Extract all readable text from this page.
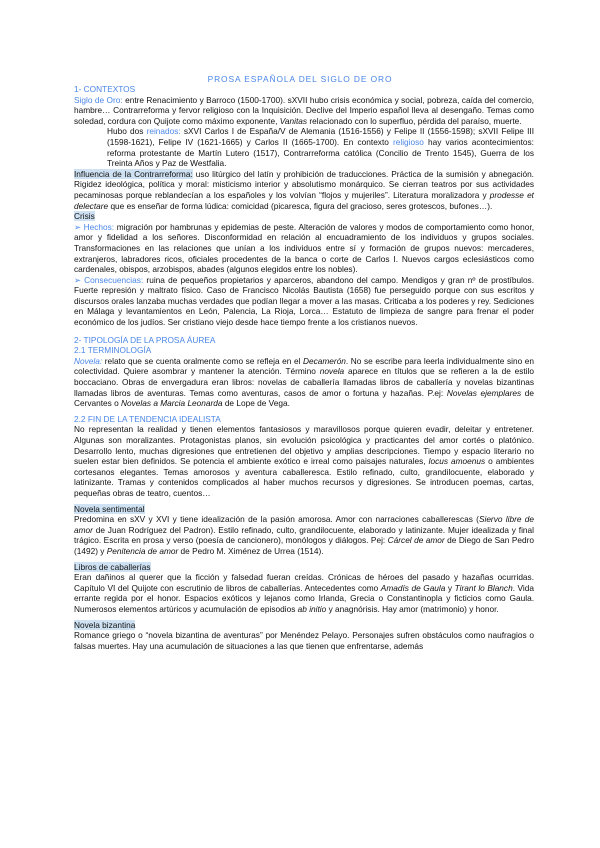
PROSA ESPAÑOLA DEL SIGLO DE ORO

1- CONTEXTOS

Siglo de Oro: entre Renacimiento y Barroco (1500-1700). sXVII hubo crisis económica y social, pobreza, caída del comercio, hambre… Contrarreforma y fervor religioso con la Inquisición. Declive del Imperio español lleva al desengaño. Temas como soledad, cordura con Quijote como máximo exponente, Vanitas relacionado con lo superfluo, pérdida del paraíso, muerte.

Hubo dos reinados: sXVI Carlos I de España/V de Alemania (1516-1556) y Felipe II (1556-1598); sXVII Felipe III (1598-1621), Felipe IV (1621-1665) y Carlos II (1665-1700). En contexto religioso hay varios acontecimientos: reforma protestante de Martín Lutero (1517), Contrarreforma católica (Concilio de Trento 1545), Guerra de los Treinta Años y Paz de Westfalia.

Influencia de la Contrarreforma: uso litúrgico del latín y prohibición de traducciones. Práctica de la sumisión y abnegación. Rigidez ideológica, política y moral: misticismo interior y absolutismo monárquico. Se cierran teatros por sus actividades pecaminosas porque reblandecían a los españoles y los volvían “flojos y mujeriles”. Literatura moralizadora y prodesse et delectare que es enseñar de forma lúdica: comicidad (picaresca, figura del gracioso, seres grotescos, bufones…).

Crisis

➢ Hechos: migración por hambrunas y epidemias de peste. Alteración de valores y modos de comportamiento como honor, amor y fidelidad a los señores. Disconformidad en relación al encuadramiento de los individuos y grupos sociales. Transformaciones en las relaciones que unían a los individuos entre sí y formación de grupos nuevos: mercaderes, extranjeros, labradores ricos, oficiales procedentes de la banca o corte de Carlos I. Nuevos cargos eclesiásticos como cardenales, obispos, arzobispos, abades (algunos elegidos entre los nobles).

➢ Consecuencias: ruina de pequeños propietarios y aparceros, abandono del campo. Mendigos y gran nº de prostíbulos. Fuerte represión y maltrato físico. Caso de Francisco Nicolás Bautista (1658) fue perseguido porque con sus escritos y discursos orales lanzaba muchas verdades que podían llegar a mover a las masas. Criticaba a los poderes y rey. Sediciones en Málaga y levantamientos en León, Palencia, La Rioja, Lorca… Estatuto de limpieza de sangre para frenar el poder económico de los judíos. Ser cristiano viejo desde hace tiempo frente a los cristianos nuevos.

2- TIPOLOGÍA DE LA PROSA ÁUREA

2.1 TERMINOLOGÍA

Novela: relato que se cuenta oralmente como se refleja en el Decamerón. No se escribe para leerla individualmente sino en colectividad. Quiere asombrar y mantener la atención. Término novela aparece en títulos que se refieren a la de estilo boccaciano. Obras de envergadura eran libros: novelas de caballería llamadas libros de caballería y novelas bizantinas llamadas libros de aventuras. Temas como aventuras, casos de amor o fortuna y hazañas. P.ej: Novelas ejemplares de Cervantes o Novelas a Marcia Leonarda de Lope de Vega.

2.2 FIN DE LA TENDENCIA IDEALISTA

No representan la realidad y tienen elementos fantasiosos y maravillosos porque quieren evadir, deleitar y entretener. Algunas son moralizantes. Protagonistas planos, sin evolución psicológica y practicantes del amor cortés o platónico. Desarrollo lento, muchas digresiones que entretienen del objetivo y amplias descripciones. Tiempo y espacio literario no suelen estar bien definidos. Se potencia el ambiente exótico e irreal como paisajes naturales, locus amoenus o ambientes cortesanos elegantes. Temas amorosos y aventura caballeresca. Estilo refinado, culto, grandilocuente, elaborado y latinizante. Tramas y contenidos complicados al haber muchos recursos y digresiones. Se introducen poemas, cartas, pequeñas obras de teatro, cuentos…

Novela sentimental

Predomina en sXV y XVI y tiene idealización de la pasión amorosa. Amor con narraciones caballerescas (Siervo libre de amor de Juan Rodríguez del Padron). Estilo refinado, culto, grandilocuente, elaborado y latinizante. Mujer idealizada y final trágico. Escrita en prosa y verso (poesía de cancionero), monólogos y diálogos. Pej: Cárcel de amor de Diego de San Pedro (1492) y Penitencia de amor de Pedro M. Ximénez de Urrea (1514).

Libros de caballerías

Eran dañinos al querer que la ficción y falsedad fueran creídas. Crónicas de héroes del pasado y hazañas ocurridas. Capítulo VI del Quijote con escrutinio de libros de caballerías. Antecedentes como Amadís de Gaula y Tirant lo Blanch. Vida errante regida por el honor. Espacios exóticos y lejanos como Irlanda, Grecia o Constantinopla y ficticios como Gaula. Numerosos elementos artúricos y acumulación de episodios ab initio y anagnórisis. Hay amor (matrimonio) y honor.

Novela bizantina

Romance griego o “novela bizantina de aventuras” por Menéndez Pelayo. Personajes sufren obstáculos como naufragios o falsas muertes. Hay una acumulación de situaciones a las que tienen que enfrentarse, además
